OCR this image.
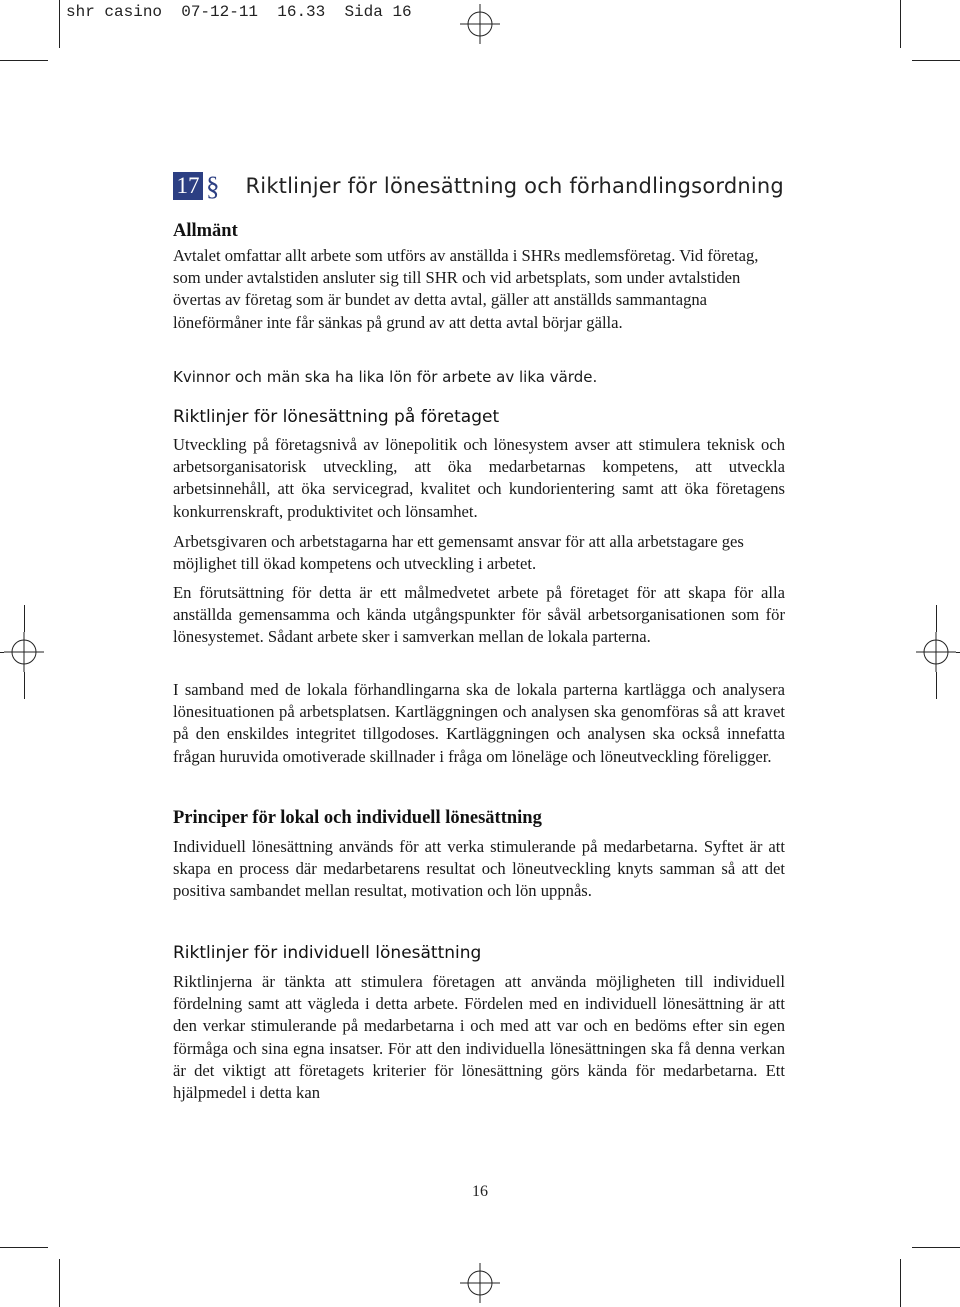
shr casino  07-12-11  16.33  Sida 16
17 § Riktlinjer för lönesättning och förhandlingsordning
Allmänt

Avtalet omfattar allt arbete som utförs av anställda i SHRs medlemsföretag. Vid företag, som under avtalstiden ansluter sig till SHR och vid arbetsplats, som under avtalstiden övertas av företag som är bundet av detta avtal, gäller att anställds sammantagna löneförmåner inte får sänkas på grund av att detta avtal börjar gälla.

Kvinnor och män ska ha lika lön för arbete av lika värde.

Riktlinjer för lönesättning på företaget

Utveckling på företagsnivå av lönepolitik och lönesystem avser att stimulera teknisk och arbetsorganisatorisk utveckling, att öka medarbetarnas kompetens, att utveckla arbetsinnehåll, att öka servicegrad, kvalitet och kundorientering samt att öka företagens konkurrenskraft, produktivitet och lönsamhet.

Arbetsgivaren och arbetstagarna har ett gemensamt ansvar för att alla arbetstagare ges möjlighet till ökad kompetens och utveckling i arbetet.

En förutsättning för detta är ett målmedvetet arbete på företaget för att skapa för alla anställda gemensamma och kända utgångspunkter för såväl arbetsorganisationen som för lönesystemet. Sådant arbete sker i samverkan mellan de lokala parterna.

I samband med de lokala förhandlingarna ska de lokala parterna kartlägga och analysera lönesituationen på arbetsplatsen. Kartläggningen och analysen ska genomföras så att kravet på den enskildes integritet tillgodoses. Kartläggningen och analysen ska också innefatta frågan huruvida omotiverade skillnader i fråga om löneläge och löneutveckling föreligger.

Principer för lokal och individuell lönesättning

Individuell lönesättning används för att verka stimulerande på medarbetarna. Syftet är att skapa en process där medarbetarens resultat och löneutveckling knyts samman så att det positiva sambandet mellan resultat, motivation och lön uppnås.

Riktlinjer för individuell lönesättning

Riktlinjerna är tänkta att stimulera företagen att använda möjligheten till individuell fördelning samt att vägleda i detta arbete. Fördelen med en individuell lönesättning är att den verkar stimulerande på medarbetarna i och med att var och en bedöms efter sin egen förmåga och sina egna insatser. För att den individuella lönesättningen ska få denna verkan är det viktigt att företagets kriterier för lönesättning görs kända för medarbetarna. Ett hjälpmedel i detta kan

16
